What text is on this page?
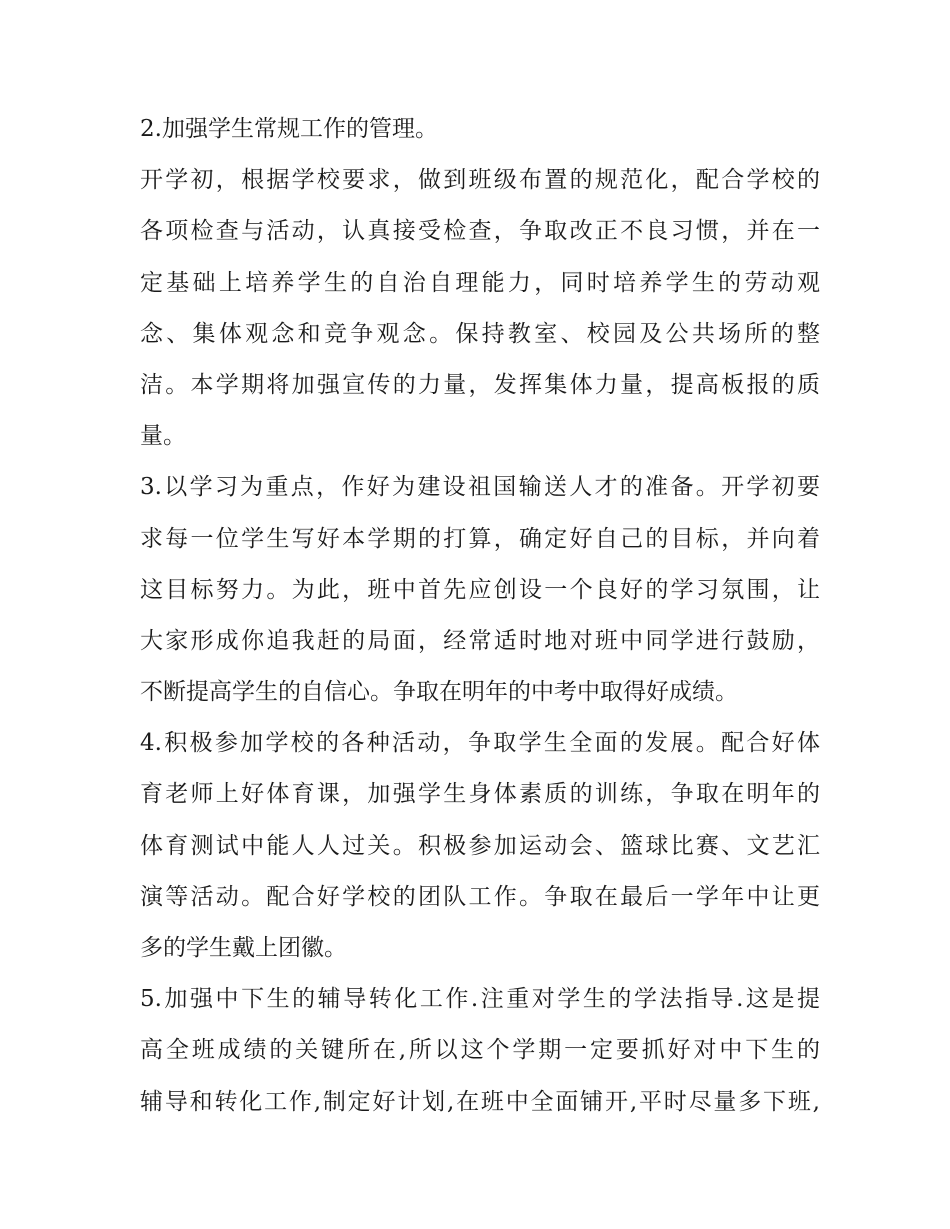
2.加强学生常规工作的管理。
开学初，根据学校要求，做到班级布置的规范化，配合学校的
各项检查与活动，认真接受检查，争取改正不良习惯，并在一
定基础上培养学生的自治自理能力，同时培养学生的劳动观
念、集体观念和竞争观念。保持教室、校园及公共场所的整
洁。本学期将加强宣传的力量，发挥集体力量，提高板报的质
量。
3.以学习为重点，作好为建设祖国输送人才的准备。开学初要
求每一位学生写好本学期的打算，确定好自己的目标，并向着
这目标努力。为此，班中首先应创设一个良好的学习氛围，让
大家形成你追我赶的局面，经常适时地对班中同学进行鼓励，
不断提高学生的自信心。争取在明年的中考中取得好成绩。
4.积极参加学校的各种活动，争取学生全面的发展。配合好体
育老师上好体育课，加强学生身体素质的训练，争取在明年的
体育测试中能人人过关。积极参加运动会、篮球比赛、文艺汇
演等活动。配合好学校的团队工作。争取在最后一学年中让更
多的学生戴上团徽。
5.加强中下生的辅导转化工作.注重对学生的学法指导.这是提
高全班成绩的关键所在,所以这个学期一定要抓好对中下生的
辅导和转化工作,制定好计划,在班中全面铺开,平时尽量多下班,
